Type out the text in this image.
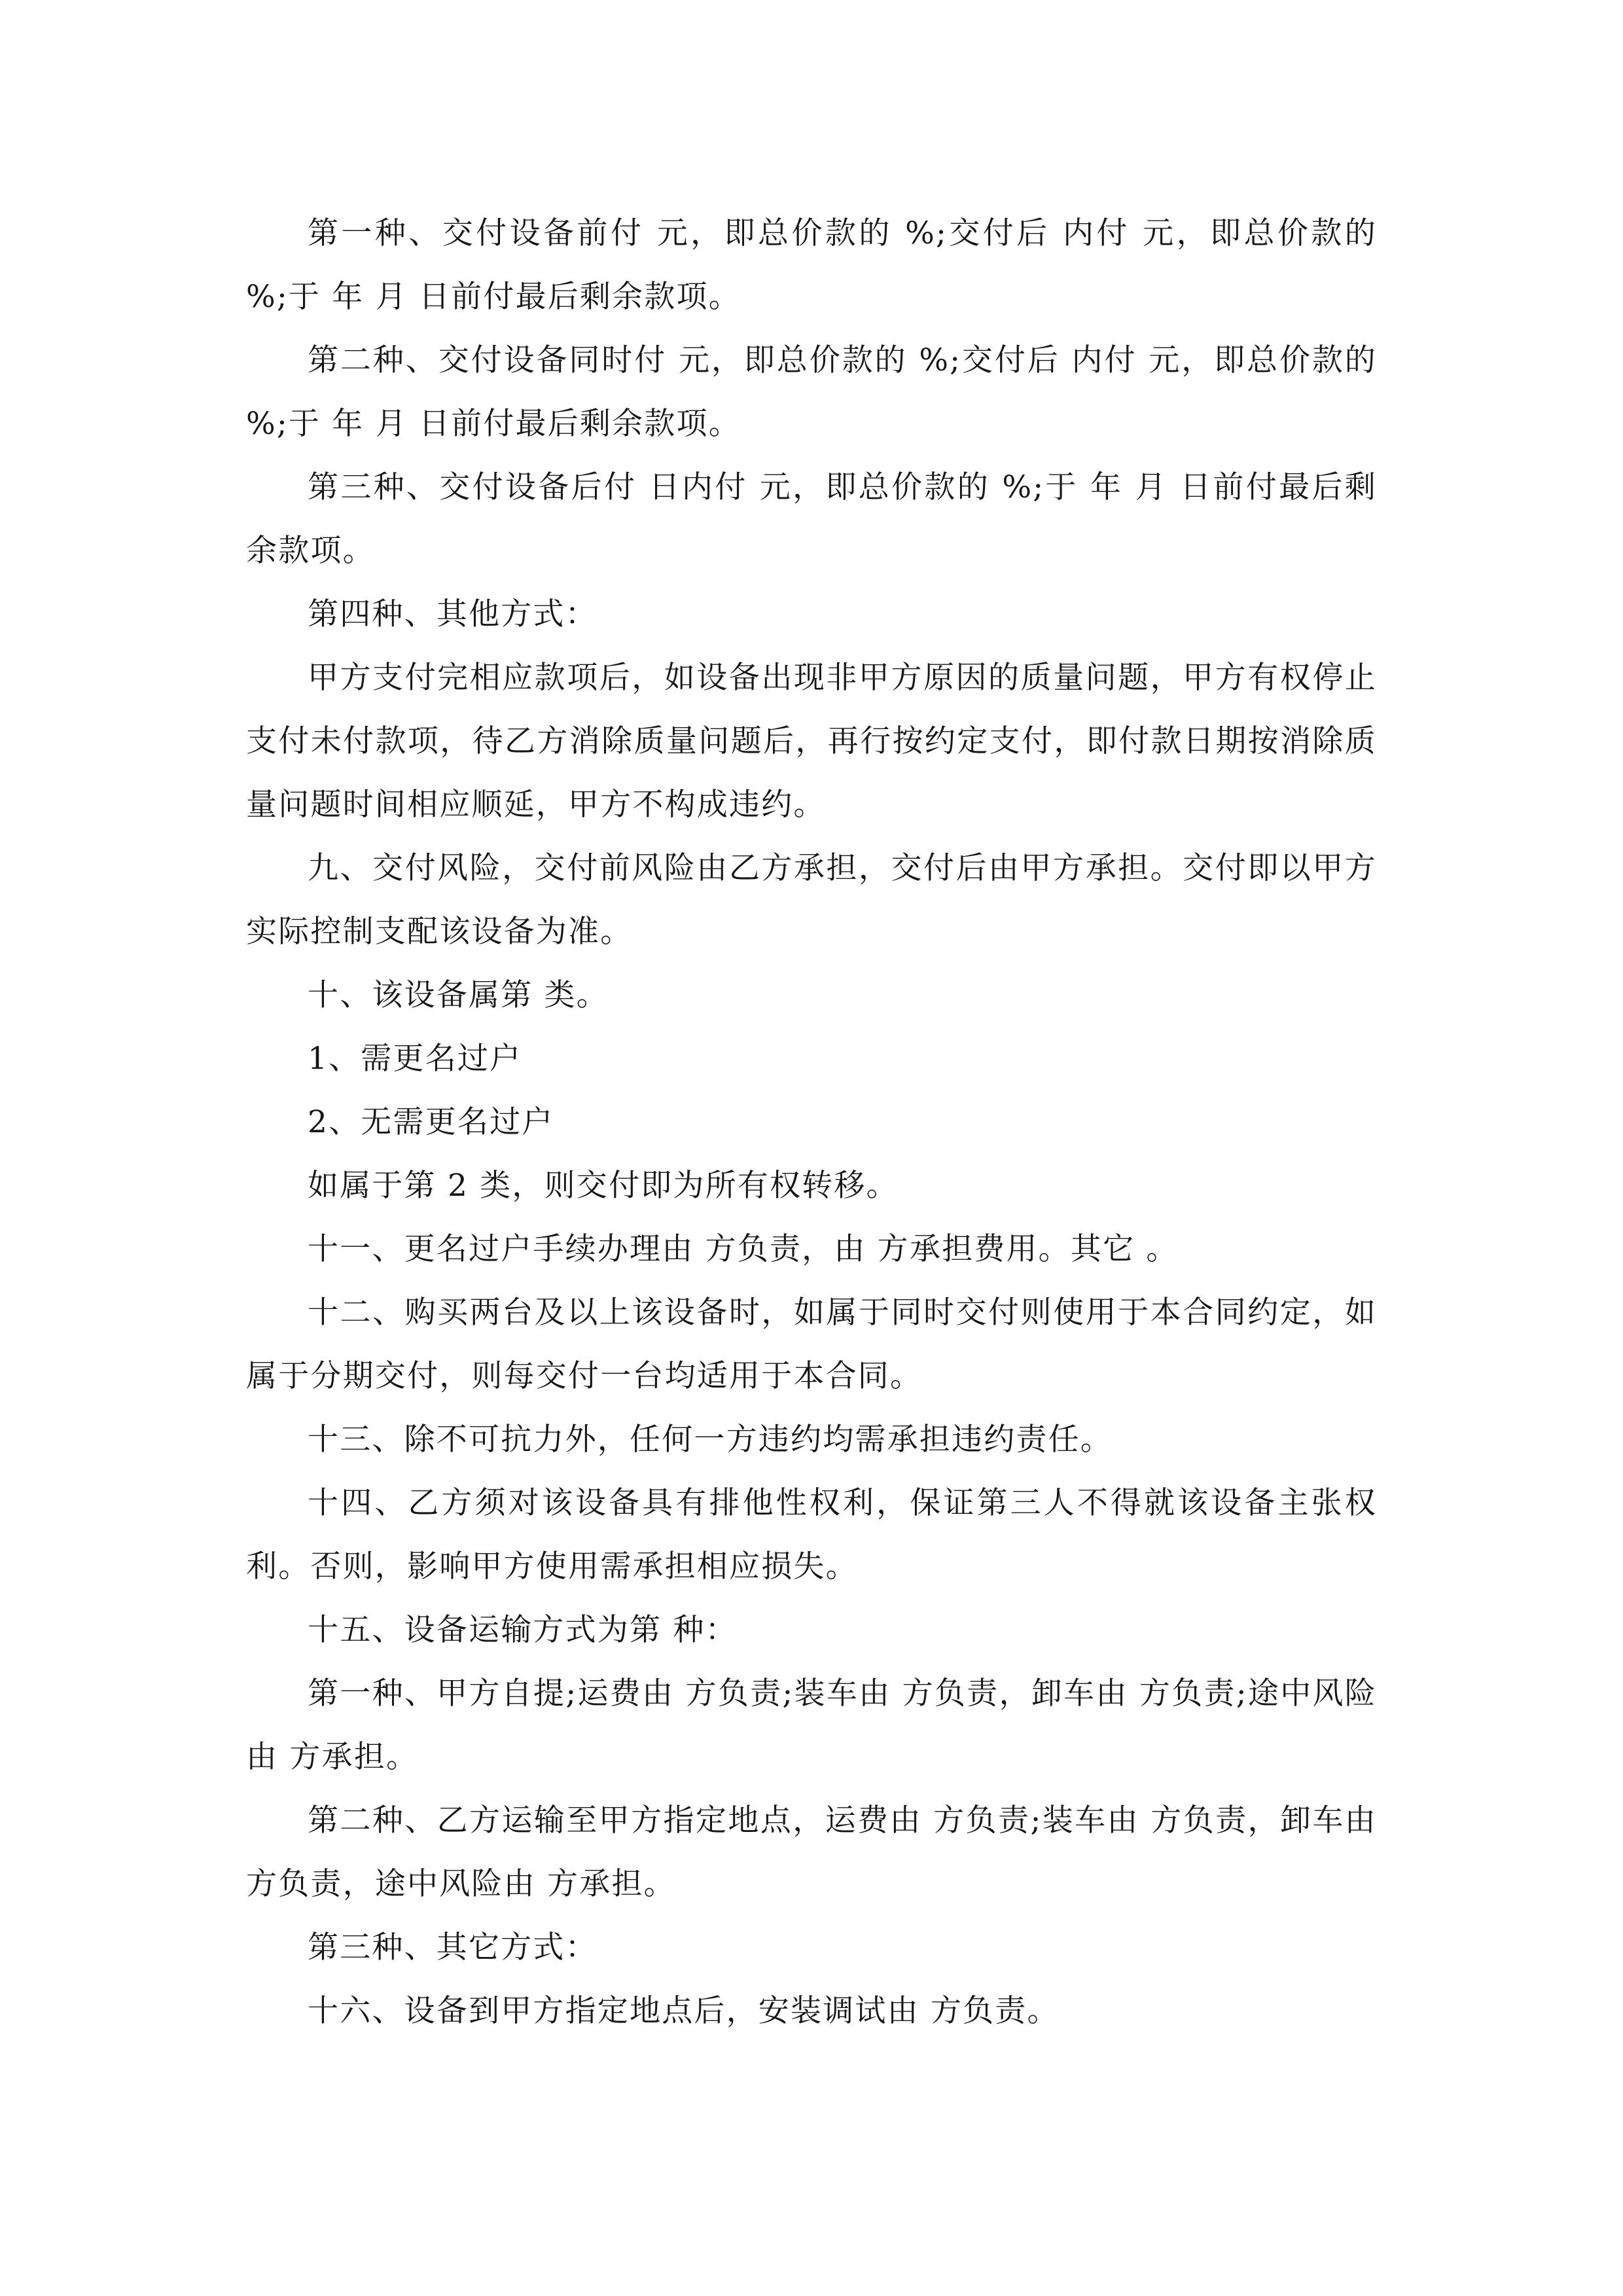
第一种、交付设备前付 元，即总价款的 %;交付后 内付 元，即总价款的 %;于 年 月 日前付最后剩余款项。

第二种、交付设备同时付 元，即总价款的 %;交付后 内付 元，即总价款的 %;于 年 月 日前付最后剩余款项。

第三种、交付设备后付 日内付 元，即总价款的 %;于 年 月 日前付最后剩余款项。

第四种、其他方式：

甲方支付完相应款项后，如设备出现非甲方原因的质量问题，甲方有权停止支付未付款项，待乙方消除质量问题后，再行按约定支付，即付款日期按消除质量问题时间相应顺延，甲方不构成违约。

九、交付风险，交付前风险由乙方承担，交付后由甲方承担。交付即以甲方实际控制支配该设备为准。

十、该设备属第 类。

1、需更名过户

2、无需更名过户

如属于第 2 类，则交付即为所有权转移。

十一、更名过户手续办理由 方负责，由 方承担费用。其它 。

十二、购买两台及以上该设备时，如属于同时交付则使用于本合同约定，如属于分期交付，则每交付一台均适用于本合同。

十三、除不可抗力外，任何一方违约均需承担违约责任。

十四、乙方须对该设备具有排他性权利，保证第三人不得就该设备主张权利。否则，影响甲方使用需承担相应损失。

十五、设备运输方式为第 种：

第一种、甲方自提;运费由 方负责;装车由 方负责，卸车由 方负责;途中风险由 方承担。

第二种、乙方运输至甲方指定地点，运费由 方负责;装车由 方负责，卸车由 方负责，途中风险由 方承担。

第三种、其它方式：

十六、设备到甲方指定地点后，安装调试由 方负责。
